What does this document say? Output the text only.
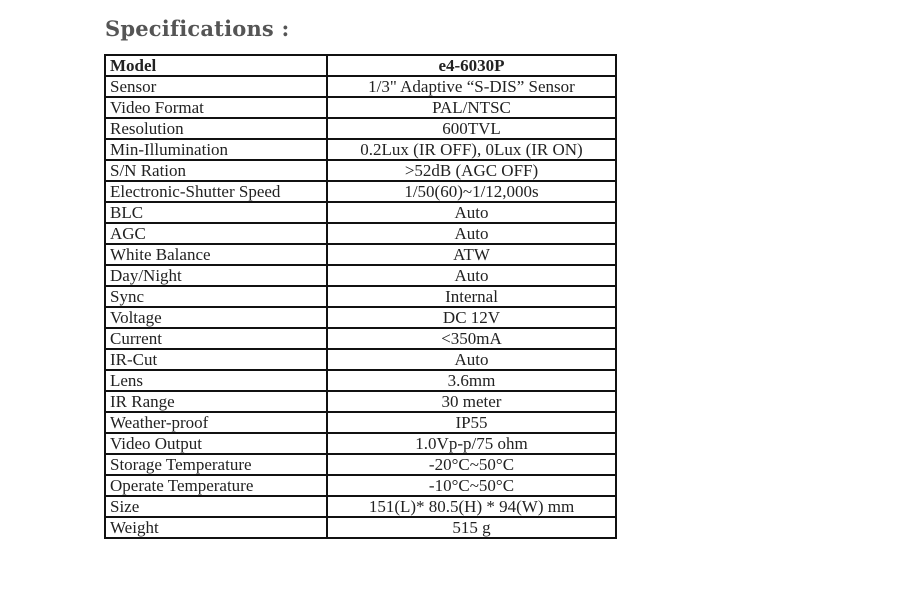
Specifications :
Model	e4-6030P
Sensor	1/3" Adaptive “S-DIS” Sensor
Video Format	PAL/NTSC
Resolution	600TVL
Min-Illumination	0.2Lux (IR OFF), 0Lux (IR ON)
S/N Ration	>52dB (AGC OFF)
Electronic-Shutter Speed	1/50(60)~1/12,000s
BLC	Auto
AGC	Auto
White Balance	ATW
Day/Night	Auto
Sync	Internal
Voltage	DC 12V
Current	<350mA
IR-Cut	Auto
Lens	3.6mm
IR Range	30 meter
Weather-proof	IP55
Video Output	1.0Vp-p/75 ohm
Storage Temperature	-20°C~50°C
Operate Temperature	-10°C~50°C
Size	151(L)* 80.5(H) * 94(W) mm
Weight	515 g
